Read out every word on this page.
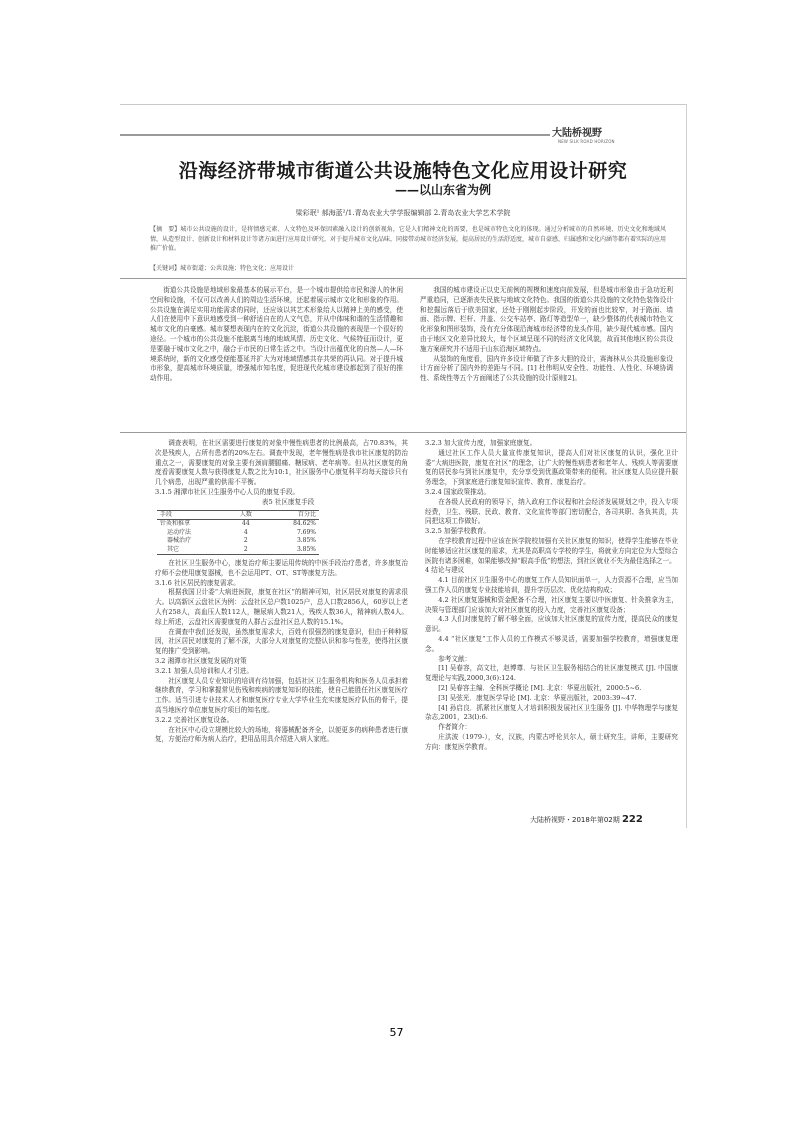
大陆桥视野
NEW SILK ROAD HORIZON
沿海经济带城市街道公共设施特色文化应用设计研究
——以山东省为例
梁彩珉¹ 郝海蓝²/1.青岛农业大学学报编辑部 2.青岛农业大学艺术学院
【摘　要】城市公共设施的设计，是将情感元素、人文特色及环保因素融入设计的创新视角，它是人们精神文化的需要，也是城市特色文化的体现。通过分析城市的自然环境、历史文化和地域风情，从造型设计、创新设计和材料设计等诸方面进行应用设计研究，对于提升城市文化品味，同接带动城市经济发展，提高居民的生活舒适度，城市自豪感，归属感和文化内涵等都有着实际的应用推广价值。
【关键词】城市街道；公共设施；特色文化；应用设计

街道公共设施是地域形象最基本的展示平台，是一个城市提供给市民和游人的休闲空间和设施，不仅可以改善人们的周边生活环境，还起着展示城市文化和形象的作用。公共设施在满足实用功能需求的同时，还应该以其艺术形象给人以精神上美的感受，使人们在使用中下意识地感受到一种舒适自在的人文气息，并从中体味和谐的生活情趣和城市文化的自豪感。城市要想表现内在的文化沉淀，街道公共设施的表现是一个很好的途径。一个城市的公共设施不能脱离当地的地域风情、历史文化、气候特征而设计，更是要融于城市文化之中，融合于市民的日常生活之中。当设计出蕴优化的自然—人—环境系统时，新的文化感受便能蔓延并扩大为对地域情感共存共荣的再认同。对于提升城市形象，提高城市环境质量，增强城市知名度，促进现代化城市建设都起到了很好的推动作用。

我国的城市建设正以史无前例的规模和速度向前发展，但是城市形象由于急功近利严重趋同，已逐渐丧失民族与地域文化特色。我国的街道公共设施的文化特色装饰设计和挖掘远落后于欧美国家，还处于刚刚起步阶段，开发的面也比较窄，对于路面、墙面、指示牌、栏杆、井盖、公交车站亭、路灯等造型单一，缺少整体的代表城市特色文化形象和图形装饰，没有充分体现沿海城市经济带的龙头作用，缺少现代城市感。国内由于地区文化差异比较大，每个区域呈现不同的经济文化风貌，故而其他地区的公共设施方案研究并不适用于山东沿海区域特点。

从装饰的角度看，国内许多设计师做了许多大胆的设计，赛海林从公共设施形象设计方面分析了国内外的差距与不同。[1] 杜伟明从安全性、功能性、人性化、环境协调性、系统性等五个方面阐述了公共设施的设计原则[2]。

调查表明，在社区需要进行康复的对象中慢性病患者的比例最高，占70.83%，其次是残疾人，占所有患者的20%左右。调查中发现，老年慢性病是我市社区康复的防治重点之一，需要康复的对象主要有颈肩腰腿痛、糖尿病、老年病等。但从社区康复的角度看需要康复人数与获得康复人数之比为10:1，社区服务中心康复科平均每天接诊只有几个病患，出现严重的供需不平衡。

3.1.5 湘潭市社区卫生服务中心人员的康复手段。

表5 社区康复手段

手段	人数	百分比
针灸和推拿	44	84.62%
运动疗法	4	7.69%
器械治疗	2	3.85%
其它	2	3.85%

在社区卫生服务中心，康复治疗师主要运用传统的中医手段治疗患者，许多康复治疗师不会使用康复器械，也不会运用PT、OT、ST等康复方法。

3.1.6 社区居民的康复需求。

根据我国卫计委“大病进医院，康复在社区”的精神可知，社区居民对康复的需求很大。以高新区云盘社区为例：云盘社区总户数1025户，总人口数2856人，60岁以上老人有258人，高血压人数112人，糖尿病人数21人，残疾人数36人，精神病人数4人。综上所述，云盘社区需要康复的人群占云盘社区总人数的15.1%。

在调查中我们还发现，虽然康复需求大，百姓有很强烈的康复意识，但由于种种原因，社区居民对康复的了解不深，大部分人对康复的完整认识和参与性差，使得社区康复的推广受到影响。

3.2 湘潭市社区康复发展的对策

3.2.1 加强人员培训和人才引进。

社区康复人员专业知识的培训有待加强，包括社区卫生服务机构和医务人员承担着继续教育，学习和掌握常见伤残和疾病的康复知识的技能，使自己能胜任社区康复医疗工作。适当引进专业技术人才和康复医疗专业大学毕业生充实康复医疗队伍的骨干，提高当地医疗单位康复医疗项目的知名度。

3.2.2 完善社区康复设备。

在社区中心设立规模比较大的场地，将器械配备齐全，以便更多的病种患者进行康复，方便治疗师为病人治疗，把用品用具介绍进入病人家庭。

3.2.3 加大宣传力度，加强家庭康复。

通过社区工作人员大量宣传康复知识，提高人们对社区康复的认识，强化卫计委“大病进医院，康复在社区”的理念，让广大的慢性病患者和老年人、残疾人等需要康复的居民参与到社区康复中，充分享受到优惠政策带来的便利。社区康复人员应提升服务理念，下到家庭进行康复知识宣传、教育、康复治疗。

3.2.4 国家政策推动。

在各级人民政府的领导下，纳入政府工作议程和社会经济发展规划之中，投入专项经费，卫生、残联、民政、教育、文化宣传等部门密切配合，各司其职、各负其责，共同把这项工作做好。

3.2.5 加强学校教育。

在学校教育过程中应该在医学院校加强有关社区康复的知识，使得学生能够在毕业时能够适应社区康复的需求，尤其是高职高专学校的学生，将就业方向定位为大型综合医院有诸多困难，如果能够改掉“眼高手低”的想法，到社区就业不失为最佳选择之一。

4 结论与建议

4.1 目前社区卫生服务中心的康复工作人员知识面单一，人力资源不合理，应当加强工作人员的康复专业技能培训，提升学历层次、优化结构构成；

4.2 社区康复器械和资金配备不合理，社区康复主要以中医康复、针灸推拿为主，决策与管理部门应该加大对社区康复的投入力度，完善社区康复设备；

4.3 人们对康复的了解不够全面，应该加大社区康复的宣传力度，提高民众的康复意识。

4.4 “社区康复”工作人员的工作模式不够灵活，需要加强学校教育，增强康复理念。

参考文献：

[1] 吴春容，高文壮，赵博尊．与社区卫生服务相结合的社区康复模式 [J]. 中国康复理论与实践,2000,3(6):124.

[2] 吴春容主编．全科医学概论 [M]. 北京：华夏出版社，2000:5~6.

[3] 吴弦光．康复医学导论 [M]. 北京：华夏出版社，2003:39~47.

[4] 孙启良．抓紧社区康复人才培训积极发展社区卫生服务 [J]. 中华物理学与康复杂志,2001，23(l):6.

作者简介：

庄洪波（1979-），女，汉族，内蒙古呼伦贝尔人，硕士研究生，讲师，主要研究方向：康复医学教育。

大陆桥视野・2018年第02期 222
57
